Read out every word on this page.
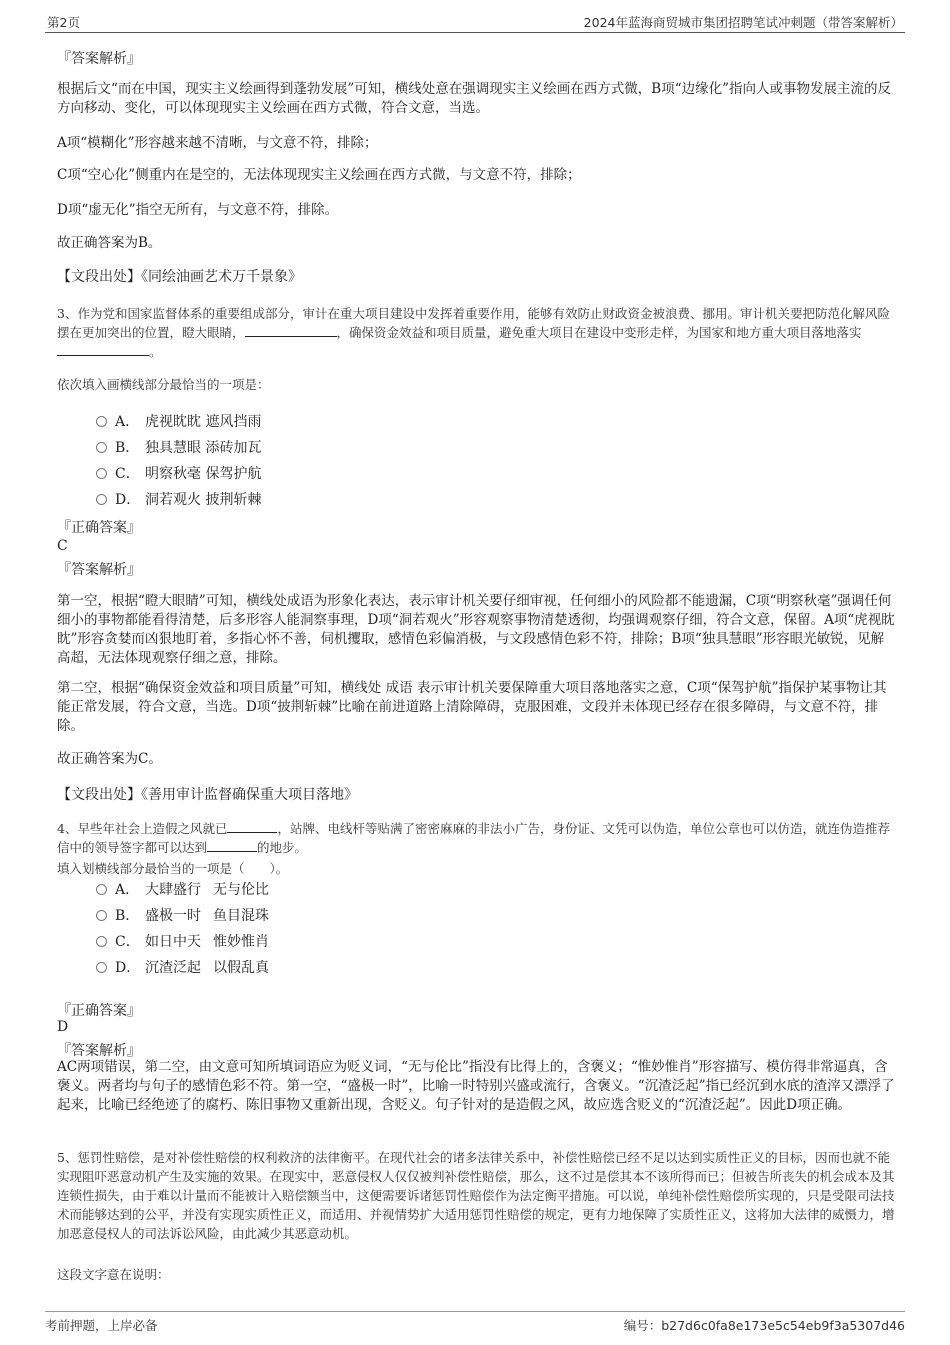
第2页	2024年蓝海商贸城市集团招聘笔试冲刺题（带答案解析）
『答案解析』
根据后文“而在中国，现实主义绘画得到蓬勃发展”可知，横线处意在强调现实主义绘画在西方式微，B项“边缘化”指向人或事物发展主流的反方向移动、变化，可以体现现实主义绘画在西方式微，符合文意，当选。
A项“模糊化”形容越来越不清晰，与文意不符，排除；
C项“空心化”侧重内在是空的，无法体现现实主义绘画在西方式微，与文意不符，排除；
D项“虚无化”指空无所有，与文意不符，排除。
故正确答案为B。
【文段出处】《同绘油画艺术万千景象》
3、作为党和国家监督体系的重要组成部分，审计在重大项目建设中发挥着重要作用，能够有效防止财政资金被浪费、挪用。审计机关要把防范化解风险摆在更加突出的位置，瞪大眼睛，	，确保资金效益和项目质量，避免重大项目在建设中变形走样，为国家和地方重大项目落地落实。
依次填入画横线部分最恰当的一项是：
A． 虎视眈眈 遮风挡雨
B． 独具慧眼 添砖加瓦
C． 明察秋毫 保驾护航
D． 洞若观火 披荆斩棘
『正确答案』
C
『答案解析』
第一空，根据“瞪大眼睛”可知，横线处成语为形象化表达，表示审计机关要仔细审视，任何细小的风险都不能遗漏，C项“明察秋毫”强调任何细小的事物都能看得清楚，后多形容人能洞察事理，D项“洞若观火”形容观察事物清楚透彻，均强调观察仔细，符合文意，保留。A项“虎视眈眈”形容贪婪而凶狠地盯着，多指心怀不善，伺机攫取，感情色彩偏消极，与文段感情色彩不符，排除；B项“独具慧眼”形容眼光敏锐，见解高超，无法体现观察仔细之意，排除。
第二空，根据“确保资金效益和项目质量”可知，横线处 成语 表示审计机关要保障重大项目落地落实之意，C项“保驾护航”指保护某事物让其能正常发展，符合文意，当选。D项“披荆斩棘”比喻在前进道路上清除障碍，克服困难，文段并未体现已经存在很多障碍，与文意不符，排除。
故正确答案为C。
【文段出处】《善用审计监督确保重大项目落地》
4、早些年社会上造假之风就已	，站牌、电线杆等贴满了密密麻麻的非法小广告，身份证、文凭可以伪造，单位公章也可以仿造，就连伪造推荐信中的领导签字都可以达到	的地步。
填入划横线部分最恰当的一项是（　　）。
A． 大肆盛行 无与伦比
B． 盛极一时 鱼目混珠
C． 如日中天 惟妙惟肖
D． 沉渣泛起 以假乱真
『正确答案』
D
『答案解析』
AC两项错误，第二空，由文意可知所填词语应为贬义词，“无与伦比”指没有比得上的，含褒义；“惟妙惟肖”形容描写、模仿得非常逼真，含褒义。两者均与句子的感情色彩不符。第一空，“盛极一时”，比喻一时特别兴盛或流行，含褒义。“沉渣泛起”指已经沉到水底的渣滓又漂浮了起来，比喻已经绝迹了的腐朽、陈旧事物又重新出现，含贬义。句子针对的是造假之风，故应选含贬义的“沉渣泛起”。因此D项正确。
5、惩罚性赔偿，是对补偿性赔偿的权利救济的法律衡平。在现代社会的诸多法律关系中，补偿性赔偿已经不足以达到实质性正义的目标，因而也就不能实现阻吓恶意动机产生及实施的效果。在现实中，恶意侵权人仅仅被判补偿性赔偿，那么，这不过是偿其本不该所得而已；但被告所丧失的机会成本及其连锁性损失，由于难以计量而不能被计入赔偿额当中，这便需要诉诸惩罚性赔偿作为法定衡平措施。可以说，单纯补偿性赔偿所实现的，只是受限司法技术而能够达到的公平，并没有实现实质性正义，而适用、并视情势扩大适用惩罚性赔偿的规定，更有力地保障了实质性正义，这将加大法律的威慑力，增加恶意侵权人的司法诉讼风险，由此减少其恶意动机。
这段文字意在说明：
考前押题，上岸必备	编号：b27d6c0fa8e173e5c54eb9f3a5307d46
